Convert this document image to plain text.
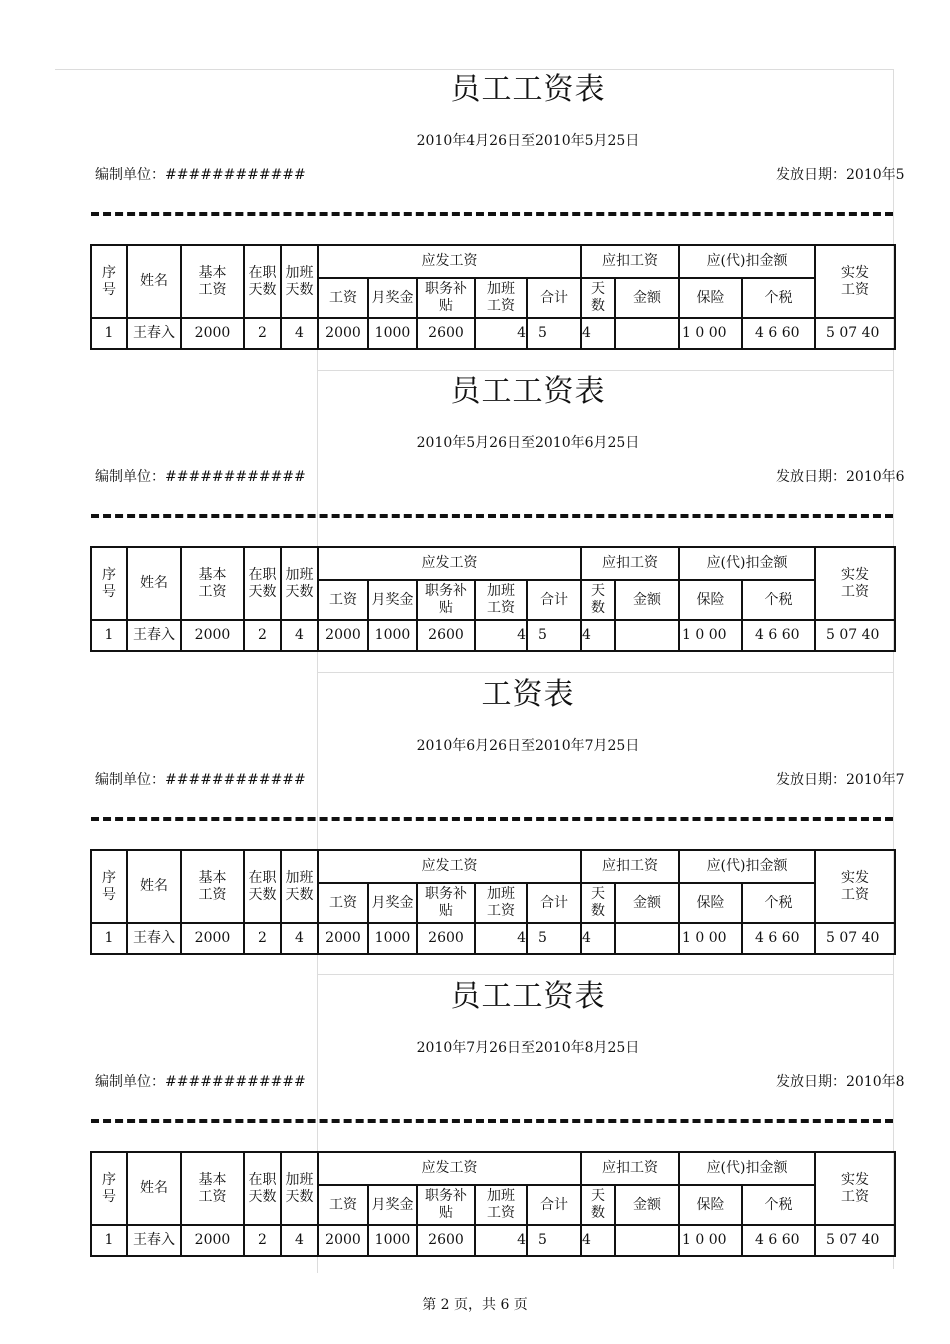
员工工资表
2010年4月26日至2010年5月25日
编制单位：############	发放日期：2010年5
序号	姓名	基本工资	在职天数	加班天数	应发工资					应扣工资		应(代)扣金额		实发工资
					工资	月奖金	职务补贴	加班工资	合计	天数	金额	保险	个税	
1	王春入	2000	2	4	2000	1000	2600	4	5	4		1 0 00	4 6 60	5 07 40
员工工资表
2010年5月26日至2010年6月25日
编制单位：############	发放日期：2010年6
序号	姓名	基本工资	在职天数	加班天数	应发工资					应扣工资		应(代)扣金额		实发工资
					工资	月奖金	职务补贴	加班工资	合计	天数	金额	保险	个税	
1	王春入	2000	2	4	2000	1000	2600	4	5	4		1 0 00	4 6 60	5 07 40
工资表
2010年6月26日至2010年7月25日
编制单位：############	发放日期：2010年7
序号	姓名	基本工资	在职天数	加班天数	应发工资					应扣工资		应(代)扣金额		实发工资
					工资	月奖金	职务补贴	加班工资	合计	天数	金额	保险	个税	
1	王春入	2000	2	4	2000	1000	2600	4	5	4		1 0 00	4 6 60	5 07 40
员工工资表
2010年7月26日至2010年8月25日
编制单位：############	发放日期：2010年8
序号	姓名	基本工资	在职天数	加班天数	应发工资					应扣工资		应(代)扣金额		实发工资
					工资	月奖金	职务补贴	加班工资	合计	天数	金额	保险	个税	
1	王春入	2000	2	4	2000	1000	2600	4	5	4		1 0 00	4 6 60	5 07 40
第 2 页，共 6 页
